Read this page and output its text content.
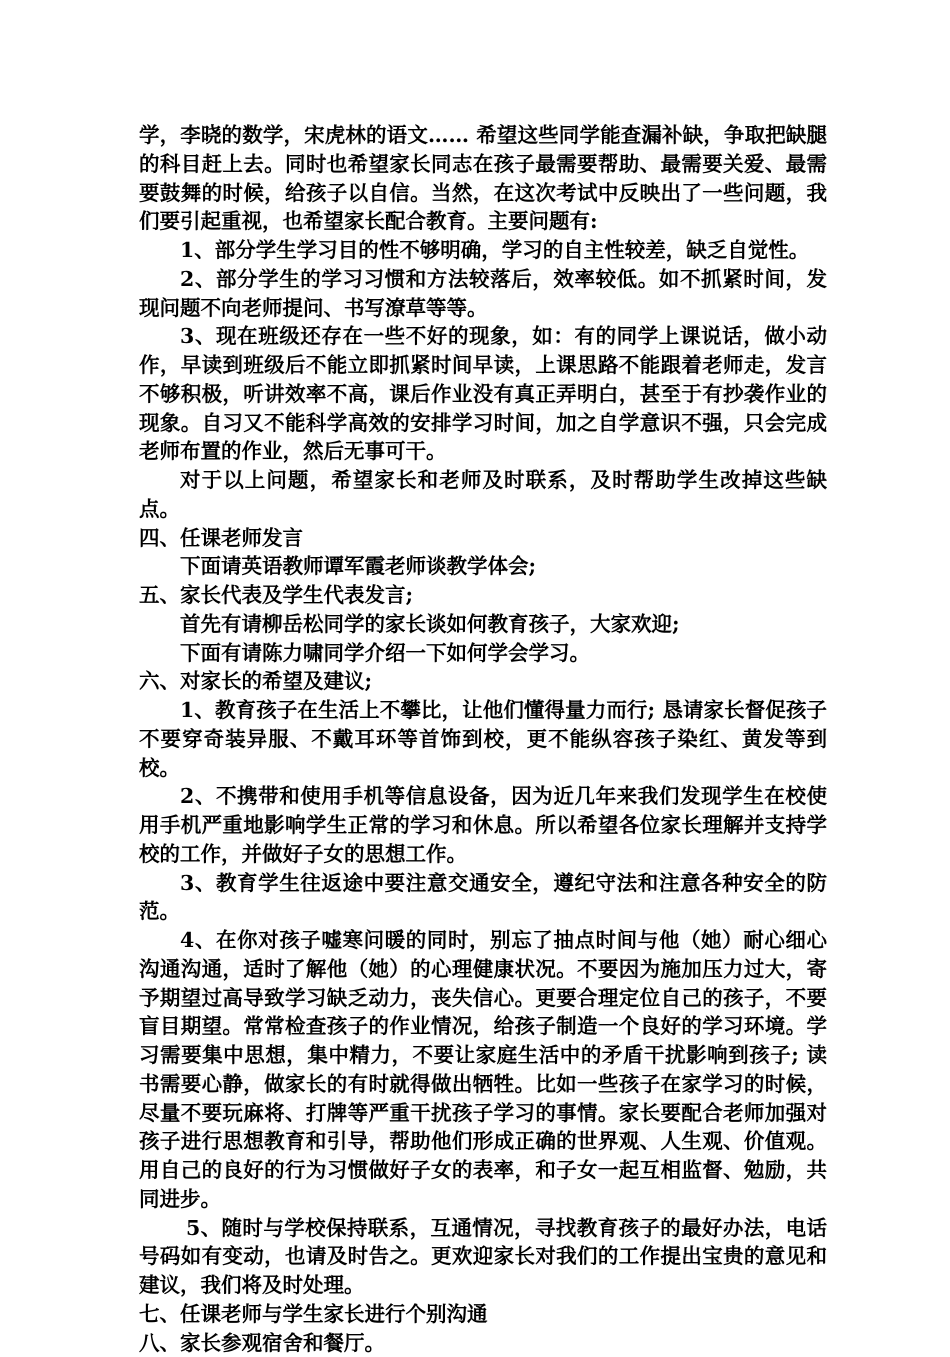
学，李晓的数学，宋虎林的语文…… 希望这些同学能查漏补缺，争取把缺腿的科目赶上去。同时也希望家长同志在孩子最需要帮助、最需要关爱、最需要鼓舞的时候，给孩子以自信。当然，在这次考试中反映出了一些问题，我们要引起重视，也希望家长配合教育。主要问题有:

1、部分学生学习目的性不够明确，学习的自主性较差，缺乏自觉性。

2、部分学生的学习习惯和方法较落后，效率较低。如不抓紧时间，发现问题不向老师提问、书写潦草等等。

3、现在班级还存在一些不好的现象，如：有的同学上课说话，做小动作，早读到班级后不能立即抓紧时间早读，上课思路不能跟着老师走，发言不够积极，听讲效率不高，课后作业没有真正弄明白，甚至于有抄袭作业的现象。自习又不能科学高效的安排学习时间，加之自学意识不强，只会完成老师布置的作业，然后无事可干。

对于以上问题，希望家长和老师及时联系，及时帮助学生改掉这些缺点。

四、任课老师发言

下面请英语教师谭军霞老师谈教学体会;

五、家长代表及学生代表发言;

首先有请柳岳松同学的家长谈如何教育孩子，大家欢迎;

下面有请陈力啸同学介绍一下如何学会学习。

六、对家长的希望及建议;

1、教育孩子在生活上不攀比，让他们懂得量力而行; 恳请家长督促孩子不要穿奇装异服、不戴耳环等首饰到校，更不能纵容孩子染红、黄发等到校。

2、不携带和使用手机等信息设备，因为近几年来我们发现学生在校使用手机严重地影响学生正常的学习和休息。所以希望各位家长理解并支持学校的工作，并做好子女的思想工作。

3、教育学生往返途中要注意交通安全，遵纪守法和注意各种安全的防范。

4、在你对孩子嘘寒问暖的同时，别忘了抽点时间与他（她）耐心细心沟通沟通，适时了解他（她）的心理健康状况。不要因为施加压力过大，寄予期望过高导致学习缺乏动力，丧失信心。更要合理定位自己的孩子，不要盲目期望。常常检查孩子的作业情况，给孩子制造一个良好的学习环境。学习需要集中思想，集中精力，不要让家庭生活中的矛盾干扰影响到孩子; 读书需要心静，做家长的有时就得做出牺牲。比如一些孩子在家学习的时候，尽量不要玩麻将、打牌等严重干扰孩子学习的事情。家长要配合老师加强对孩子进行思想教育和引导，帮助他们形成正确的世界观、人生观、价值观。用自己的良好的行为习惯做好子女的表率，和子女一起互相监督、勉励，共同进步。

5、随时与学校保持联系，互通情况，寻找教育孩子的最好办法，电话号码如有变动，也请及时告之。更欢迎家长对我们的工作提出宝贵的意见和建议，我们将及时处理。

七、任课老师与学生家长进行个别沟通

八、家长参观宿舍和餐厅。
